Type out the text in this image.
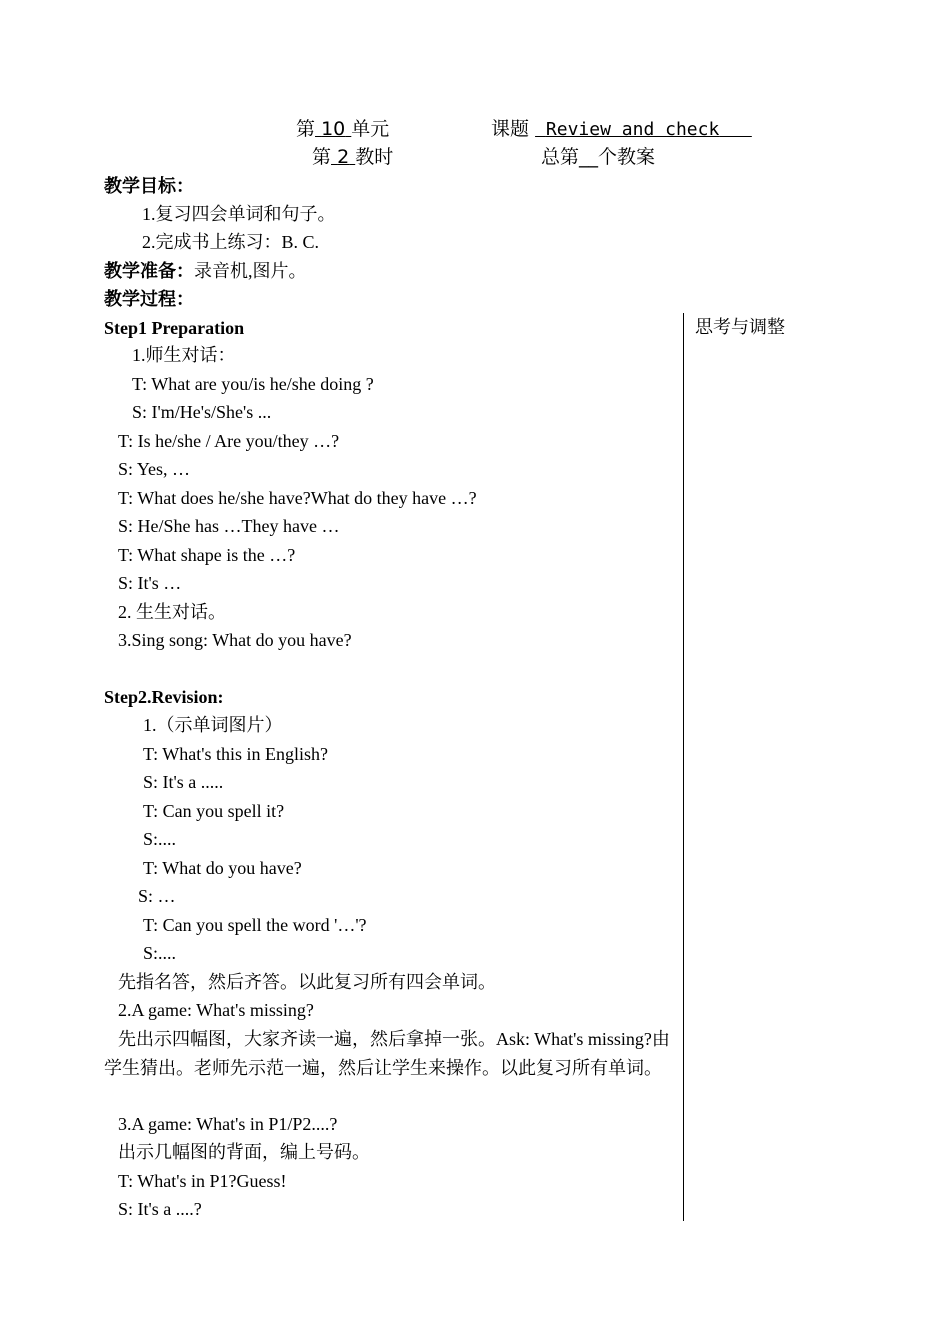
第 10 单元	课题 Review and check
第 2 教时	总第__个教案
教学目标：
1.复习四会单词和句子。
2.完成书上练习：B. C.
教学准备：录音机,图片。
教学过程：
思考与调整
Step1 Preparation
1.师生对话：
T: What are you/is he/she doing ?
S: I'm/He's/She's ...
T: Is he/she / Are you/they …?
S: Yes, …
T: What does he/she have?What do they have …?
S: He/She has …They have …
T: What shape is the …?
S: It's …
2. 生生对话。
3.Sing song: What do you have?
Step2.Revision:
1.（示单词图片）
T: What's this in English?
S: It's a .....
T: Can you spell it?
S:....
T: What do you have?
S: …
T: Can you spell the word '…'?
S:....
先指名答，然后齐答。以此复习所有四会单词。
2.A game: What's missing?
先出示四幅图，大家齐读一遍，然后拿掉一张。Ask: What's missing?由学生猜出。老师先示范一遍，然后让学生来操作。以此复习所有单词。
3.A game: What's in P1/P2....?
出示几幅图的背面，编上号码。
T: What's in P1?Guess!
S: It's a ....?
